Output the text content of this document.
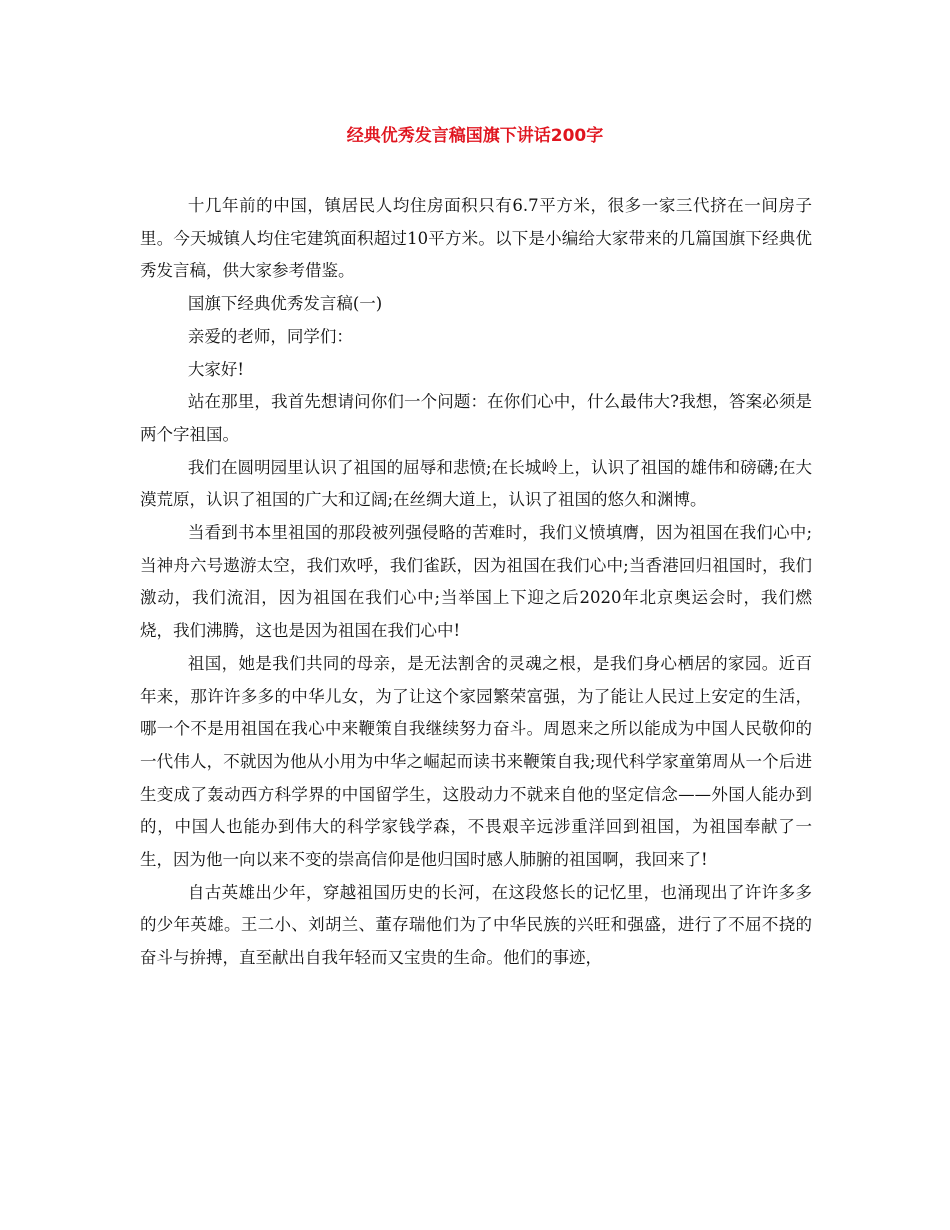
经典优秀发言稿国旗下讲话200字

十几年前的中国，镇居民人均住房面积只有6.7平方米，很多一家三代挤在一间房子里。今天城镇人均住宅建筑面积超过10平方米。以下是小编给大家带来的几篇国旗下经典优秀发言稿，供大家参考借鉴。

国旗下经典优秀发言稿(一)

亲爱的老师，同学们：

大家好!

站在那里，我首先想请问你们一个问题：在你们心中，什么最伟大?我想，答案必须是两个字祖国。

我们在圆明园里认识了祖国的屈辱和悲愤;在长城岭上，认识了祖国的雄伟和磅礴;在大漠荒原，认识了祖国的广大和辽阔;在丝绸大道上，认识了祖国的悠久和渊博。

当看到书本里祖国的那段被列强侵略的苦难时，我们义愤填膺，因为祖国在我们心中;当神舟六号遨游太空，我们欢呼，我们雀跃，因为祖国在我们心中;当香港回归祖国时，我们激动，我们流泪，因为祖国在我们心中;当举国上下迎之后2020年北京奥运会时，我们燃烧，我们沸腾，这也是因为祖国在我们心中!

祖国，她是我们共同的母亲，是无法割舍的灵魂之根，是我们身心栖居的家园。近百年来，那许许多多的中华儿女，为了让这个家园繁荣富强，为了能让人民过上安定的生活，哪一个不是用祖国在我心中来鞭策自我继续努力奋斗。周恩来之所以能成为中国人民敬仰的一代伟人，不就因为他从小用为中华之崛起而读书来鞭策自我;现代科学家童第周从一个后进生变成了轰动西方科学界的中国留学生，这股动力不就来自他的坚定信念——外国人能办到的，中国人也能办到伟大的科学家钱学森，不畏艰辛远涉重洋回到祖国，为祖国奉献了一生，因为他一向以来不变的崇高信仰是他归国时感人肺腑的祖国啊，我回来了!

自古英雄出少年，穿越祖国历史的长河，在这段悠长的记忆里，也涌现出了许许多多的少年英雄。王二小、刘胡兰、董存瑞他们为了中华民族的兴旺和强盛，进行了不屈不挠的奋斗与拚搏，直至献出自我年轻而又宝贵的生命。他们的事迹，
